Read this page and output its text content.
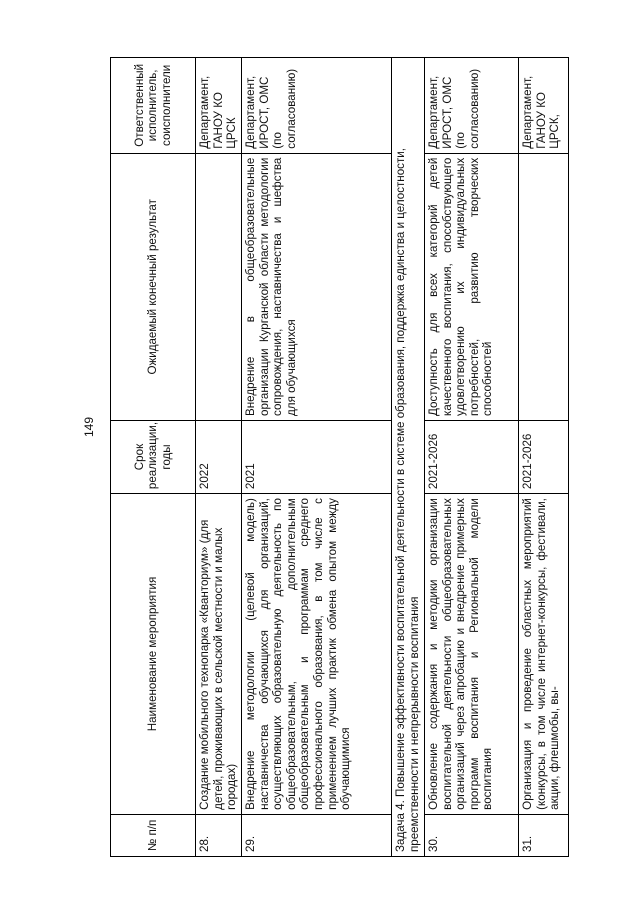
149
№ п/п	Наименование мероприятия	Срок реализации, годы	Ожидаемый конечный результат	Ответственный исполнитель, соисполнители
28.	Создание мобильного технопарка «Кванториум» (для детей, проживающих в сельской местности и малых городах)	2022		Департамент, ГАНОУ КО ЦРСК
29.	Внедрение методологии (целевой модель) наставничества обучающихся для организаций, осуществляющих образовательную деятельность по общеобразовательным, дополнительным общеобразовательным и программам среднего профессионального образования, в том числе с применением лучших практик обмена опытом между обучающимися	2021	Внедрение в общеобразовательные организации Курганской области методологии сопровождения, наставничества и шефства для обучающихся	Департамент, ИРОСТ, ОМС (по согласованию)
Задача 4. Повышение эффективности воспитательной деятельности в системе образования, поддержка единства и целостности, преемственности и непрерывности воспитания				
30.	Обновление содержания и методики организации воспитательной деятельности общеобразовательных организаций через апробацию и внедрение примерных программ воспитания и Региональной модели воспитания	2021-2026	Доступность для всех категорий детей качественного воспитания, способствующего удовлетворению их индивидуальных потребностей, развитию творческих способностей	Департамент, ИРОСТ, ОМС (по согласованию)
31.	Организация и проведение областных мероприятий (конкурсы, в том числе интернет-конкурсы, фестивали, акции, флешмобы, вы-	2021-2026		Департамент, ГАНОУ КО ЦРСК,
